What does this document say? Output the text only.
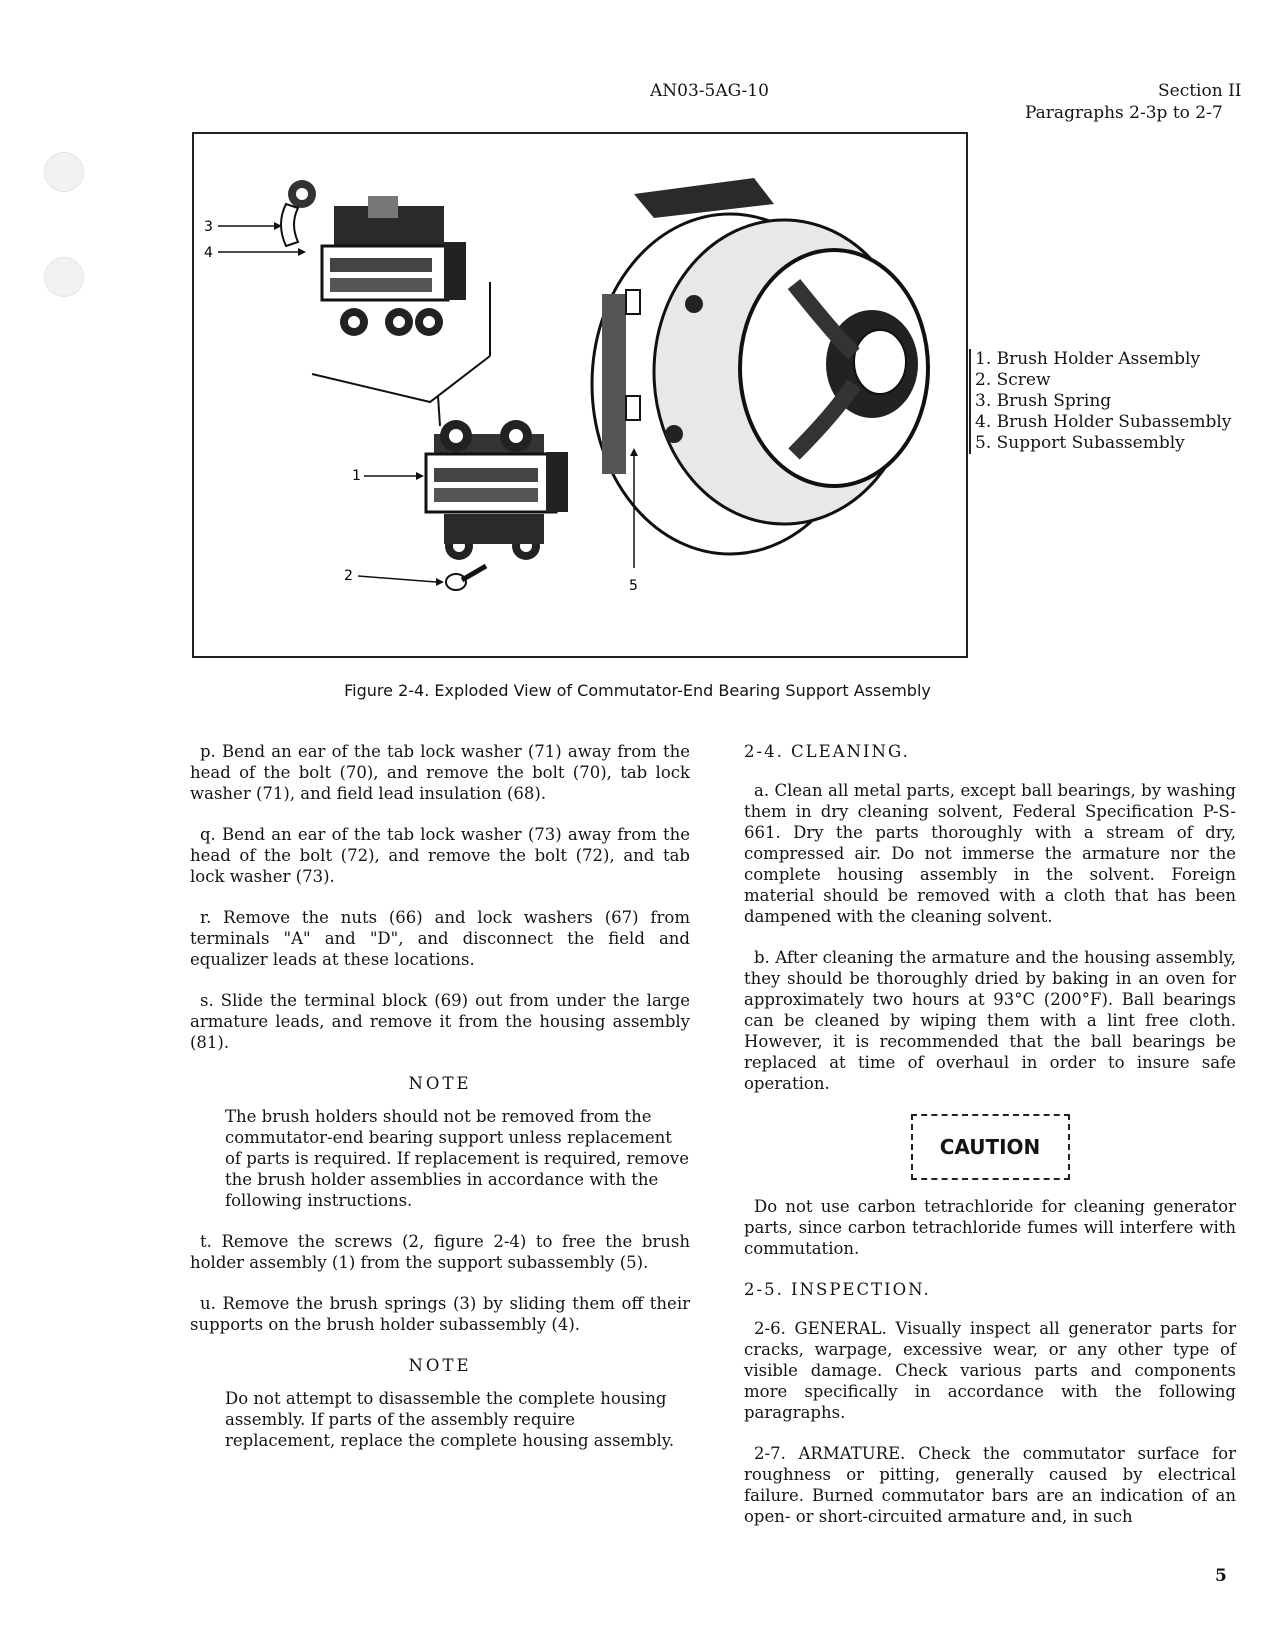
AN03-5AG-10	Section II
Paragraphs 2-3p to 2-7
3
4
1
2
5
1. Brush Holder Assembly
2. Screw
3. Brush Spring
4. Brush Holder Subassembly
5. Support Subassembly
Figure 2-4. Exploded View of Commutator-End Bearing Support Assembly

p. Bend an ear of the tab lock washer (71) away from the head of the bolt (70), and remove the bolt (70), tab lock washer (71), and field lead insulation (68).

q. Bend an ear of the tab lock washer (73) away from the head of the bolt (72), and remove the bolt (72), and tab lock washer (73).

r. Remove the nuts (66) and lock washers (67) from terminals "A" and "D", and disconnect the field and equalizer leads at these locations.

s. Slide the terminal block (69) out from under the large armature leads, and remove it from the housing assembly (81).

NOTE

The brush holders should not be removed from the commutator-end bearing support unless replacement of parts is required. If replacement is required, remove the brush holder assemblies in accordance with the following instructions.

t. Remove the screws (2, figure 2-4) to free the brush holder assembly (1) from the support subassembly (5).

u. Remove the brush springs (3) by sliding them off their supports on the brush holder subassembly (4).

NOTE

Do not attempt to disassemble the complete housing assembly. If parts of the assembly require replacement, replace the complete housing assembly.

2-4. CLEANING.

a. Clean all metal parts, except ball bearings, by washing them in dry cleaning solvent, Federal Specification P-S-661. Dry the parts thoroughly with a stream of dry, compressed air. Do not immerse the armature nor the complete housing assembly in the solvent. Foreign material should be removed with a cloth that has been dampened with the cleaning solvent.

b. After cleaning the armature and the housing assembly, they should be thoroughly dried by baking in an oven for approximately two hours at 93°C (200°F). Ball bearings can be cleaned by wiping them with a lint free cloth. However, it is recommended that the ball bearings be replaced at time of overhaul in order to insure safe operation.

CAUTION

Do not use carbon tetrachloride for cleaning generator parts, since carbon tetrachloride fumes will interfere with commutation.

2-5. INSPECTION.

2-6. GENERAL. Visually inspect all generator parts for cracks, warpage, excessive wear, or any other type of visible damage. Check various parts and components more specifically in accordance with the following paragraphs.

2-7. ARMATURE. Check the commutator surface for roughness or pitting, generally caused by electrical failure. Burned commutator bars are an indication of an open- or short-circuited armature and, in such

5
